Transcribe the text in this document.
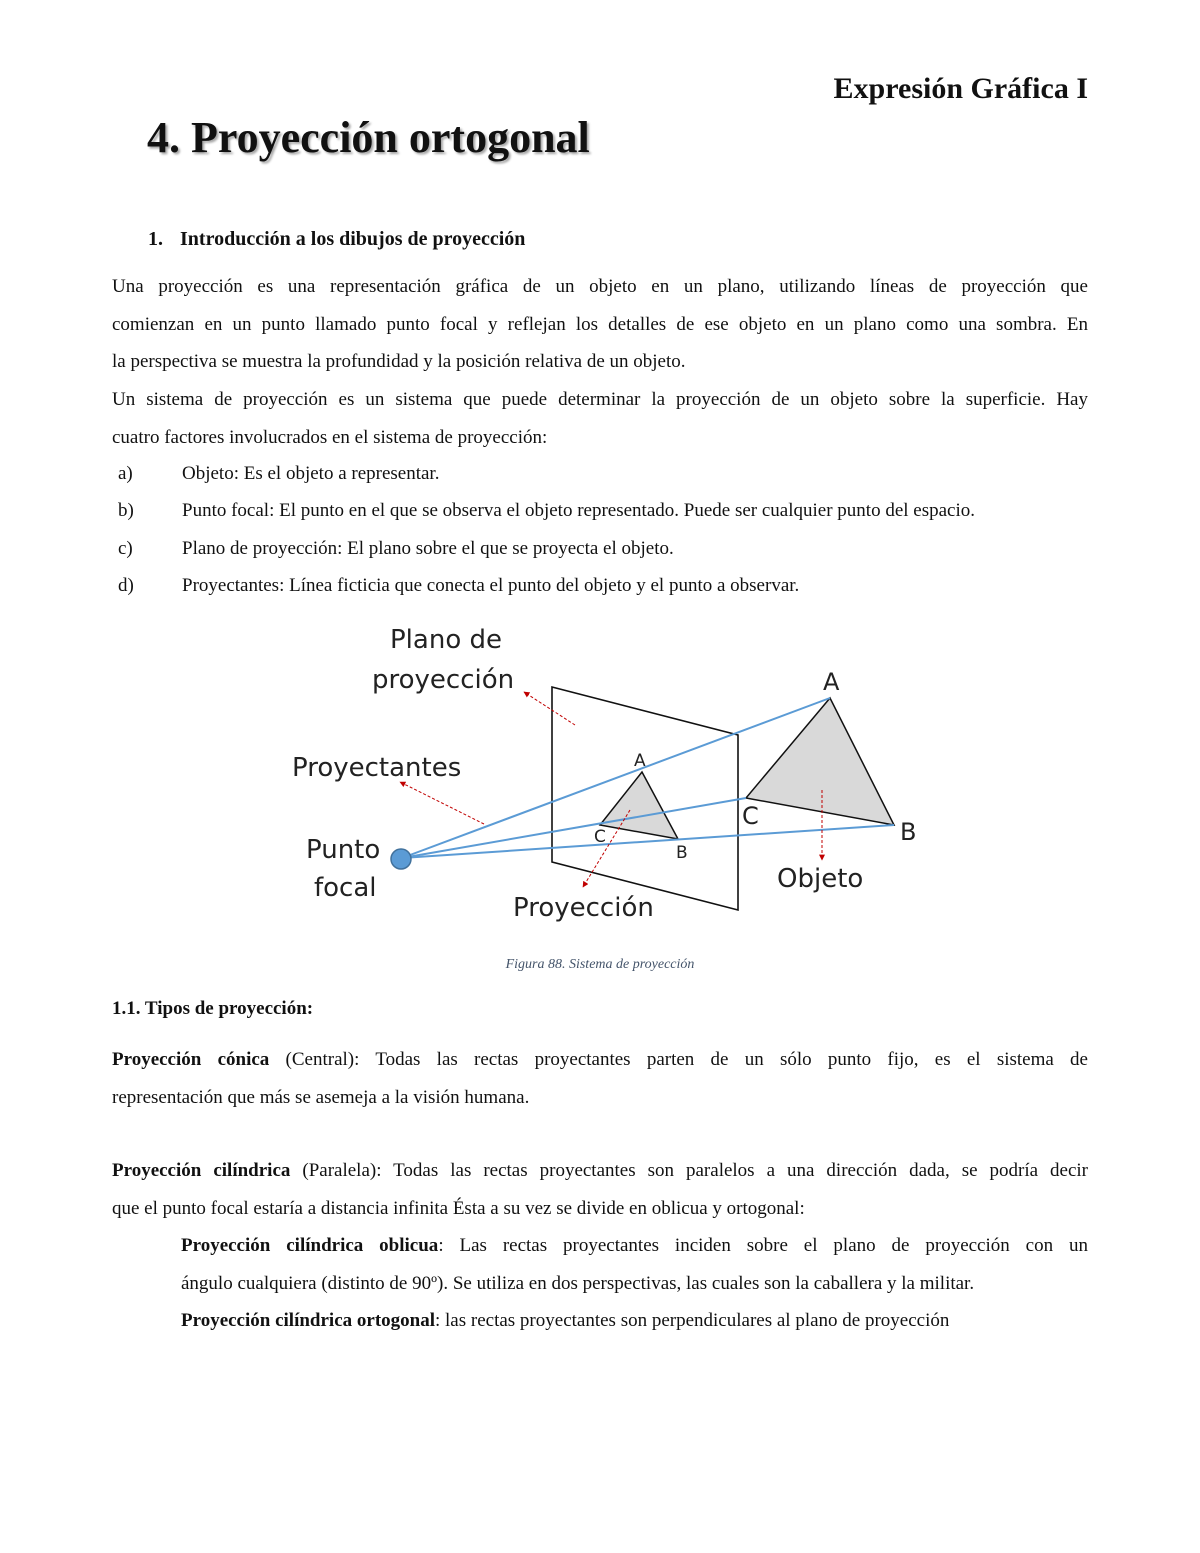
Expresión Gráfica I
4. Proyección ortogonal
1. Introducción a los dibujos de proyección

Una proyección es una representación gráfica de un objeto en un plano, utilizando líneas de proyección que
comienzan en un punto llamado punto focal y reflejan los detalles de ese objeto en un plano como una sombra. En
la perspectiva se muestra la profundidad y la posición relativa de un objeto.

Un sistema de proyección es un sistema que puede determinar la proyección de un objeto sobre la superficie. Hay
cuatro factores involucrados en el sistema de proyección:

a)	Objeto: Es el objeto a representar.
b)	Punto focal: El punto en el que se observa el objeto representado. Puede ser cualquier punto del espacio.
c)	Plano de proyección: El plano sobre el que se proyecta el objeto.
d)	Proyectantes: Línea ficticia que conecta el punto del objeto y el punto a observar.
Plano de
proyección
Proyectantes
Punto
focal
Proyección
Objeto
A
C
B
A
C
B
Figura 88. Sistema de proyección
1.1. Tipos de proyección:

Proyección cónica (Central): Todas las rectas proyectantes parten de un sólo punto fijo, es el sistema de
representación que más se asemeja a la visión humana.

Proyección cilíndrica (Paralela): Todas las rectas proyectantes son paralelos a una dirección dada, se podría decir
que el punto focal estaría a distancia infinita Ésta a su vez se divide en oblicua y ortogonal:

Proyección cilíndrica oblicua: Las rectas proyectantes inciden sobre el plano de proyección con un
ángulo cualquiera (distinto de 90º). Se utiliza en dos perspectivas, las cuales son la caballera y la militar.

Proyección cilíndrica ortogonal: las rectas proyectantes son perpendiculares al plano de proyección
